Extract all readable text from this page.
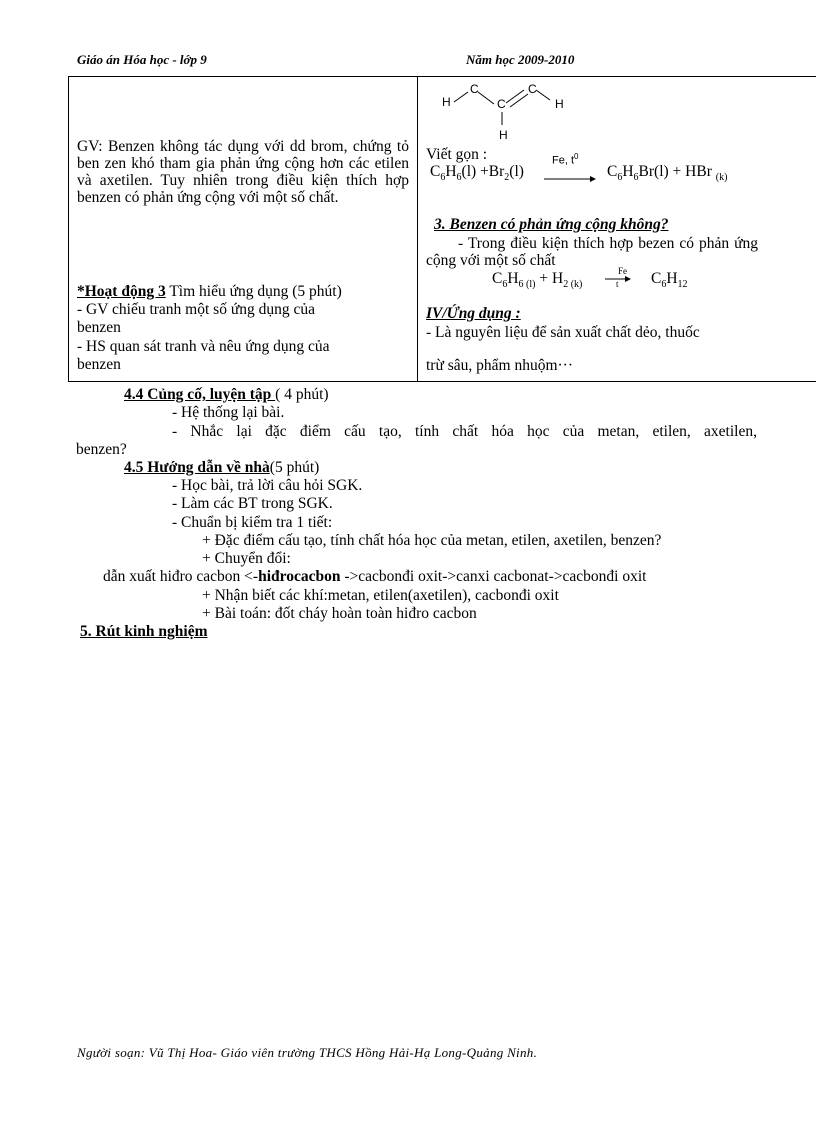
Giáo án Hóa học - lớp 9	Năm học 2009-2010
GV: Benzen không tác dụng với dd brom, chứng tỏ ben zen khó tham gia phản ứng cộng hơn các etilen và axetilen. Tuy nhiên trong điều kiện thích hợp benzen có phản ứng cộng với một số chất.
*Hoạt động 3 Tìm hiểu ứng dụng (5 phút)
- GV chiếu tranh một số ứng dụng của
benzen
- HS quan sát tranh và nêu ứng dụng của
benzen
H
C
C
C
H
H
Viết gọn :
$C_6H_6(l) +Br_2(l)$
Fe, $t^0$
→ $C_6H_6Br(l)$ + HBr $_{(k)}$
3. Benzen có phản ứng cộng không?
- Trong điều kiện thích hợp bezen có phản ứng cộng với một số chất
$C_6H_{6 (l)} + H_{2 (k)}$
Fe
$t \to C_6H_{12}$
IV/Ứng dụng :
- Là nguyên liệu để sản xuất chất dẻo, thuốc
trừ sâu, phẩm nhuộm···
4.4 Củng cố, luyện tập ( 4 phút)
- Hệ thống lại bài.
- Nhắc lại đặc điểm cấu tạo, tính chất hóa học của metan, etilen, axetilen,
benzen?
4.5 Hướng dẫn về nhà(5 phút)
- Học bài, trả lời câu hỏi SGK.
- Làm các BT trong SGK.
- Chuẩn bị kiểm tra 1 tiết:
+ Đặc điểm cấu tạo, tính chất hóa học của metan, etilen, axetilen, benzen?
+ Chuyển đổi:
dẫn xuất hiđro cacbon <-hiđrocacbon ->cacbonđi oxit->canxi cacbonat->cacbonđi oxit
+ Nhận biết các khí:metan, etilen(axetilen), cacbonđi oxit
+ Bài toán: đốt cháy hoàn toàn hiđro cacbon
5. Rút kinh nghiệm
Người soạn: Vũ Thị Hoa- Giáo viên trường THCS Hồng Hải-Hạ Long-Quảng Ninh.
